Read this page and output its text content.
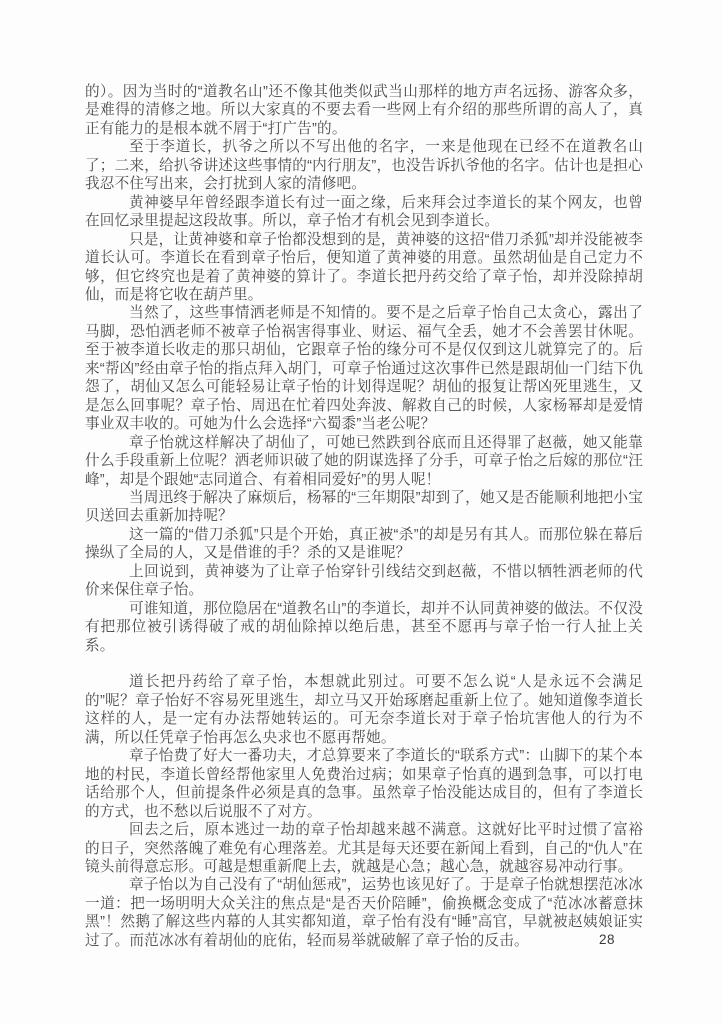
的）。因为当时的“道教名山”还不像其他类似武当山那样的地方声名远扬、游客众多，是难得的清修之地。所以大家真的不要去看一些网上有介绍的那些所谓的高人了，真正有能力的是根本就不屑于“打广告”的。

至于李道长，扒爷之所以不写出他的名字，一来是他现在已经不在道教名山了；二来，给扒爷讲述这些事情的“内行朋友”，也没告诉扒爷他的名字。估计也是担心我忍不住写出来，会打扰到人家的清修吧。

黄神婆早年曾经跟李道长有过一面之缘，后来拜会过李道长的某个网友，也曾在回忆录里提起这段故事。所以，章子怡才有机会见到李道长。

只是，让黄神婆和章子怡都没想到的是，黄神婆的这招“借刀杀狐”却并没能被李道长认可。李道长在看到章子怡后，便知道了黄神婆的用意。虽然胡仙是自己定力不够，但它终究也是着了黄神婆的算计了。李道长把丹药交给了章子怡，却并没除掉胡仙，而是将它收在葫芦里。

当然了，这些事情洒老师是不知情的。要不是之后章子怡自己太贪心，露出了马脚，恐怕洒老师不被章子怡祸害得事业、财运、福气全丢，她才不会善罢甘休呢。至于被李道长收走的那只胡仙，它跟章子怡的缘分可不是仅仅到这儿就算完了的。后来“帮凶”经由章子怡的指点拜入胡门，可章子怡通过这次事件已然是跟胡仙一门结下仇怨了，胡仙又怎么可能轻易让章子怡的计划得逞呢？胡仙的报复让帮凶死里逃生，又是怎么回事呢？章子怡、周迅在忙着四处奔波、解救自己的时候，人家杨幂却是爱情事业双丰收的。可她为什么会选择“六蜀黍”当老公呢？

章子怡就这样解决了胡仙了，可她已然跌到谷底而且还得罪了赵薇，她又能靠什么手段重新上位呢？洒老师识破了她的阴谋选择了分手，可章子怡之后嫁的那位“汪峰”，却是个跟她“志同道合、有着相同爱好”的男人呢！

当周迅终于解决了麻烦后，杨幂的“三年期限”却到了，她又是否能顺利地把小宝贝送回去重新加持呢？

这一篇的“借刀杀狐”只是个开始，真正被“杀”的却是另有其人。而那位躲在幕后操纵了全局的人，又是借谁的手？杀的又是谁呢？

上回说到，黄神婆为了让章子怡穿针引线结交到赵薇，不惜以牺牲洒老师的代价来保住章子怡。

可谁知道，那位隐居在“道教名山”的李道长，却并不认同黄神婆的做法。不仅没有把那位被引诱得破了戒的胡仙除掉以绝后患，甚至不愿再与章子怡一行人扯上关系。

道长把丹药给了章子怡，本想就此别过。可要不怎么说“人是永远不会满足的”呢？章子怡好不容易死里逃生，却立马又开始琢磨起重新上位了。她知道像李道长这样的人，是一定有办法帮她转运的。可无奈李道长对于章子怡坑害他人的行为不满，所以任凭章子怡再怎么央求也不愿再帮她。

章子怡费了好大一番功夫，才总算要来了李道长的“联系方式”：山脚下的某个本地的村民，李道长曾经帮他家里人免费治过病；如果章子怡真的遇到急事，可以打电话给那个人，但前提条件必须是真的急事。虽然章子怡没能达成目的，但有了李道长的方式，也不愁以后说服不了对方。

回去之后，原本逃过一劫的章子怡却越来越不满意。这就好比平时过惯了富裕的日子，突然落魄了难免有心理落差。尤其是每天还要在新闻上看到，自己的“仇人”在镜头前得意忘形。可越是想重新爬上去，就越是心急；越心急，就越容易冲动行事。

章子怡以为自己没有了“胡仙惩戒”，运势也该见好了。于是章子怡就想摆范冰冰一道：把一场明明大众关注的焦点是“是否天价陪睡”，偷换概念变成了“范冰冰蓄意抹黑”！然鹅了解这些内幕的人其实都知道，章子怡有没有“睡”高官，早就被赵姨娘证实过了。而范冰冰有着胡仙的庇佑，轻而易举就破解了章子怡的反击。	28
